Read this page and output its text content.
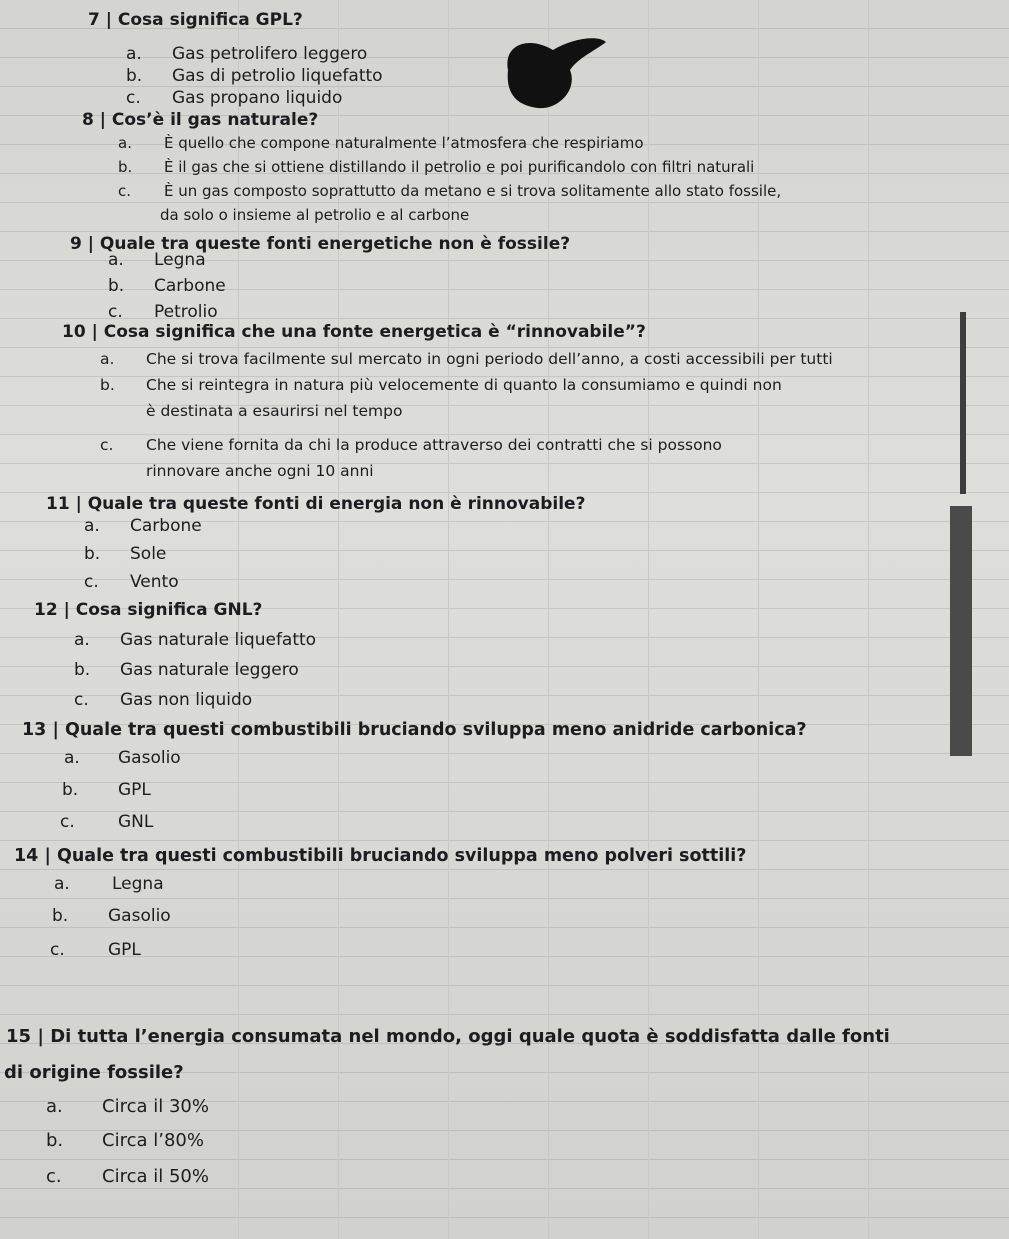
7 | Cosa significa GPL?
a. Gas petrolifero leggero
b. Gas di petrolio liquefatto
c. Gas propano liquido
8 | Cos’è il gas naturale?
a. È quello che compone naturalmente l’atmosfera che respiriamo
b. È il gas che si ottiene distillando il petrolio e poi purificandolo con filtri naturali
c. È un gas composto soprattutto da metano e si trova solitamente allo stato fossile,
da solo o insieme al petrolio e al carbone
9 | Quale tra queste fonti energetiche non è fossile?
a. Legna
b. Carbone
c. Petrolio
10 | Cosa significa che una fonte energetica è “rinnovabile”?
a. Che si trova facilmente sul mercato in ogni periodo dell’anno, a costi accessibili per tutti
b. Che si reintegra in natura più velocemente di quanto la consumiamo e quindi non
è destinata a esaurirsi nel tempo
c. Che viene fornita da chi la produce attraverso dei contratti che si possono
rinnovare anche ogni 10 anni
11 | Quale tra queste fonti di energia non è rinnovabile?
a. Carbone
b. Sole
c. Vento
12 | Cosa significa GNL?
a. Gas naturale liquefatto
b. Gas naturale leggero
c. Gas non liquido
13 | Quale tra questi combustibili bruciando sviluppa meno anidride carbonica?
a. Gasolio
b. GPL
c.	GNL
14 | Quale tra questi combustibili bruciando sviluppa meno polveri sottili?
a. Legna
b. Gasolio
c.	GPL
15 | Di tutta l’energia consumata nel mondo, oggi quale quota è soddisfatta dalle fonti
di origine fossile?
a. Circa il 30%
b. Circa l’80%
c. Circa il 50%
